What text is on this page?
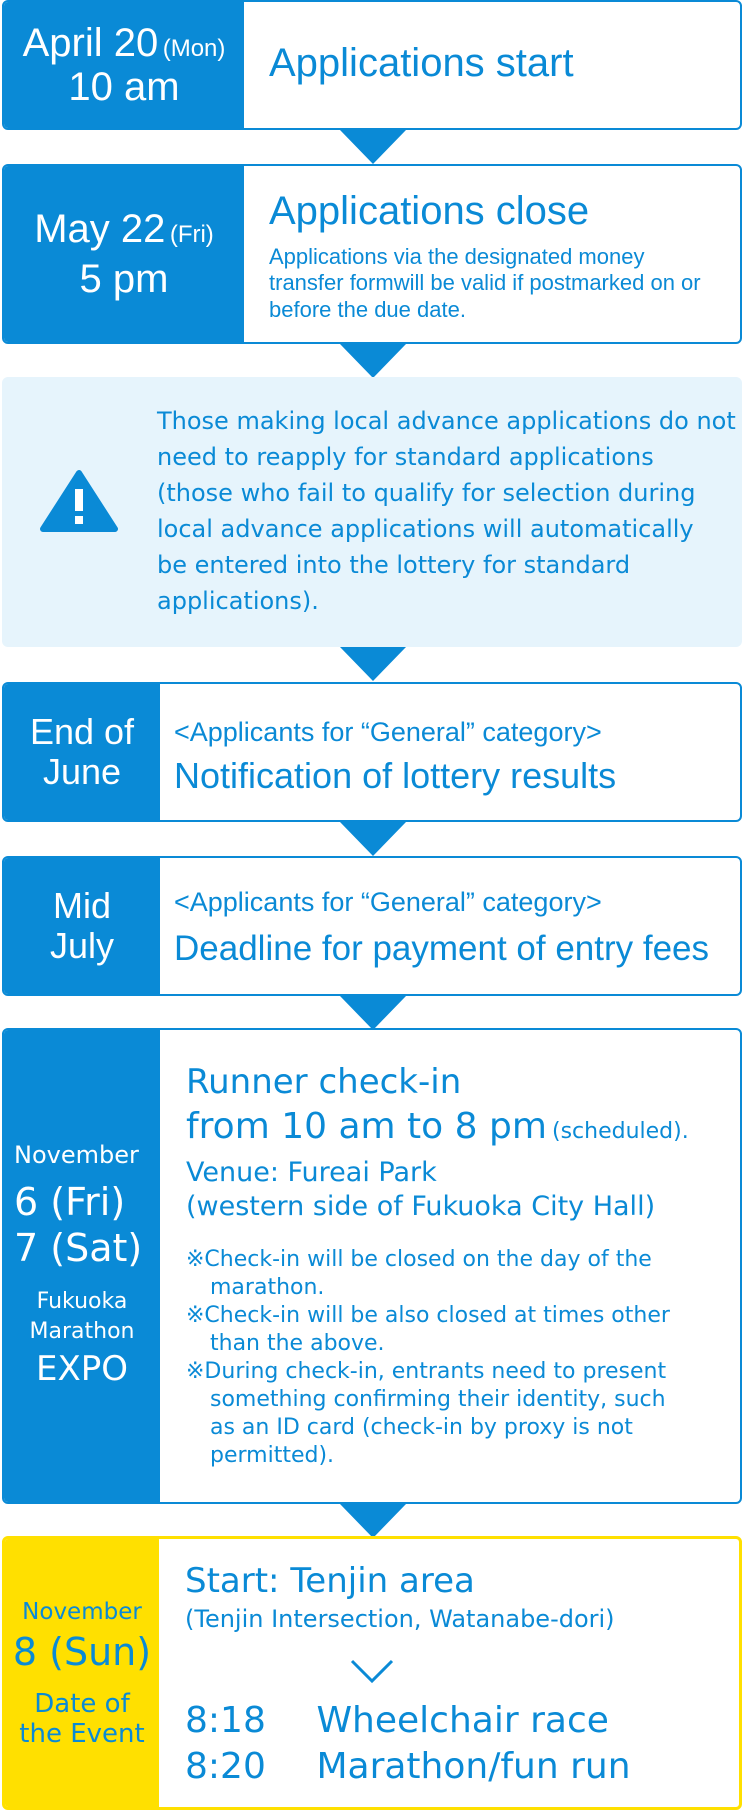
April 20 (Mon)
10 am
Applications start
May 22 (Fri)
5 pm
Applications close
Applications via the designated money transfer formwill be valid if postmarked on or before the due date.
Those making local advance applications do not
need to reapply for standard applications
(those who fail to qualify for selection during
local advance applications will automatically
be entered into the lottery for standard
applications).
End of
June
<Applicants for “General” category>
Notification of lottery results
Mid
July
<Applicants for “General” category>
Deadline for payment of entry fees
November
6 (Fri)
7 (Sat)
Fukuoka
Marathon
EXPO
Runner check-in
from 10 am to 8 pm (scheduled).
Venue: Fureai Park
(western side of Fukuoka City Hall)

※Check-in will be closed on the day of the marathon.

※Check-in will be also closed at times other than the above.

※During check-in, entrants need to present something confirming their identity, such as an ID card (check-in by proxy is not permitted).

November
8 (Sun)
Date of
the Event
Start: Tenjin area
(Tenjin Intersection, Watanabe-dori)
8:18 Wheelchair race
8:20 Marathon/fun run
